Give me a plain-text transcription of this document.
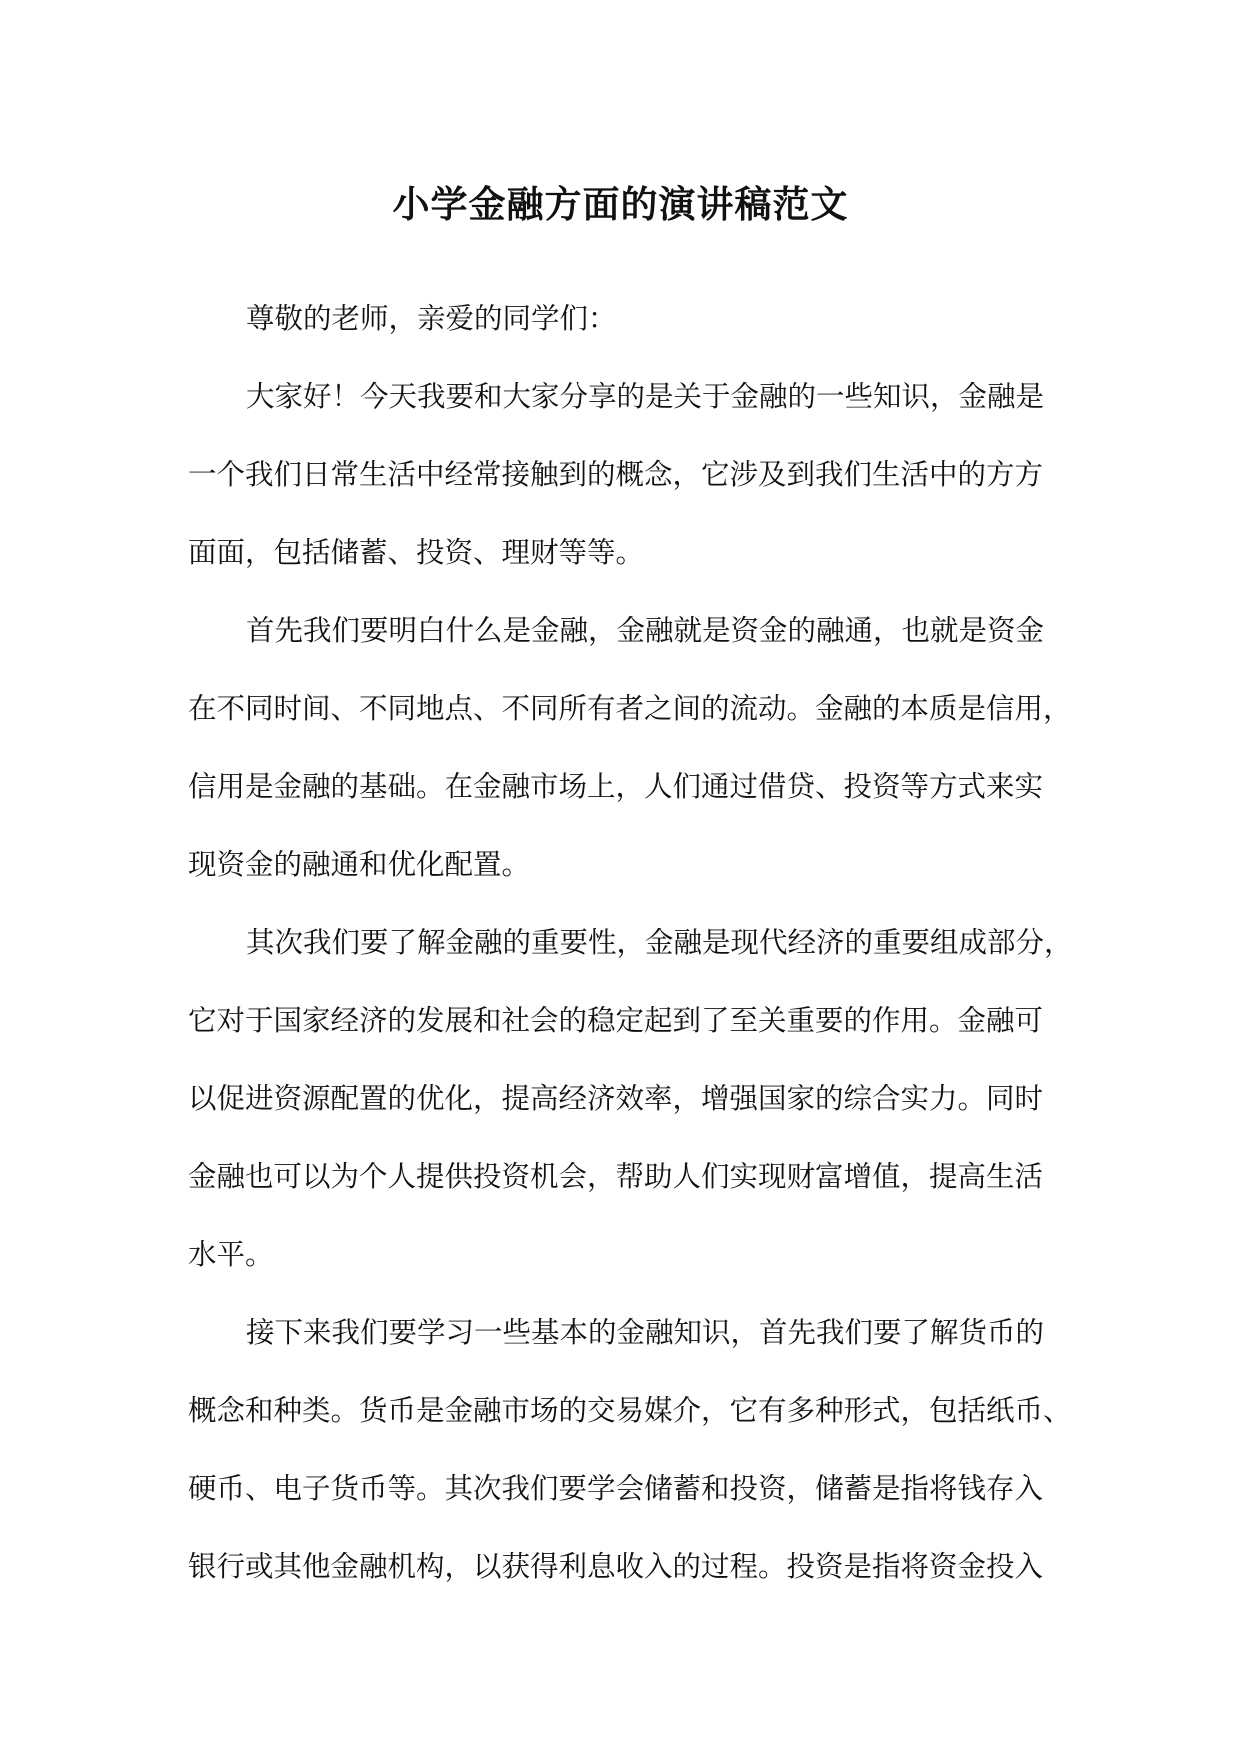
小学金融方面的演讲稿范文

尊敬的老师，亲爱的同学们：

大家好！今天我要和大家分享的是关于金融的一些知识，金融是
一个我们日常生活中经常接触到的概念，它涉及到我们生活中的方方
面面，包括储蓄、投资、理财等等。

首先我们要明白什么是金融，金融就是资金的融通，也就是资金
在不同时间、不同地点、不同所有者之间的流动。金融的本质是信用，
信用是金融的基础。在金融市场上，人们通过借贷、投资等方式来实
现资金的融通和优化配置。

其次我们要了解金融的重要性，金融是现代经济的重要组成部分，
它对于国家经济的发展和社会的稳定起到了至关重要的作用。金融可
以促进资源配置的优化，提高经济效率，增强国家的综合实力。同时
金融也可以为个人提供投资机会，帮助人们实现财富增值，提高生活
水平。

接下来我们要学习一些基本的金融知识，首先我们要了解货币的
概念和种类。货币是金融市场的交易媒介，它有多种形式，包括纸币、
硬币、电子货币等。其次我们要学会储蓄和投资，储蓄是指将钱存入
银行或其他金融机构，以获得利息收入的过程。投资是指将资金投入
